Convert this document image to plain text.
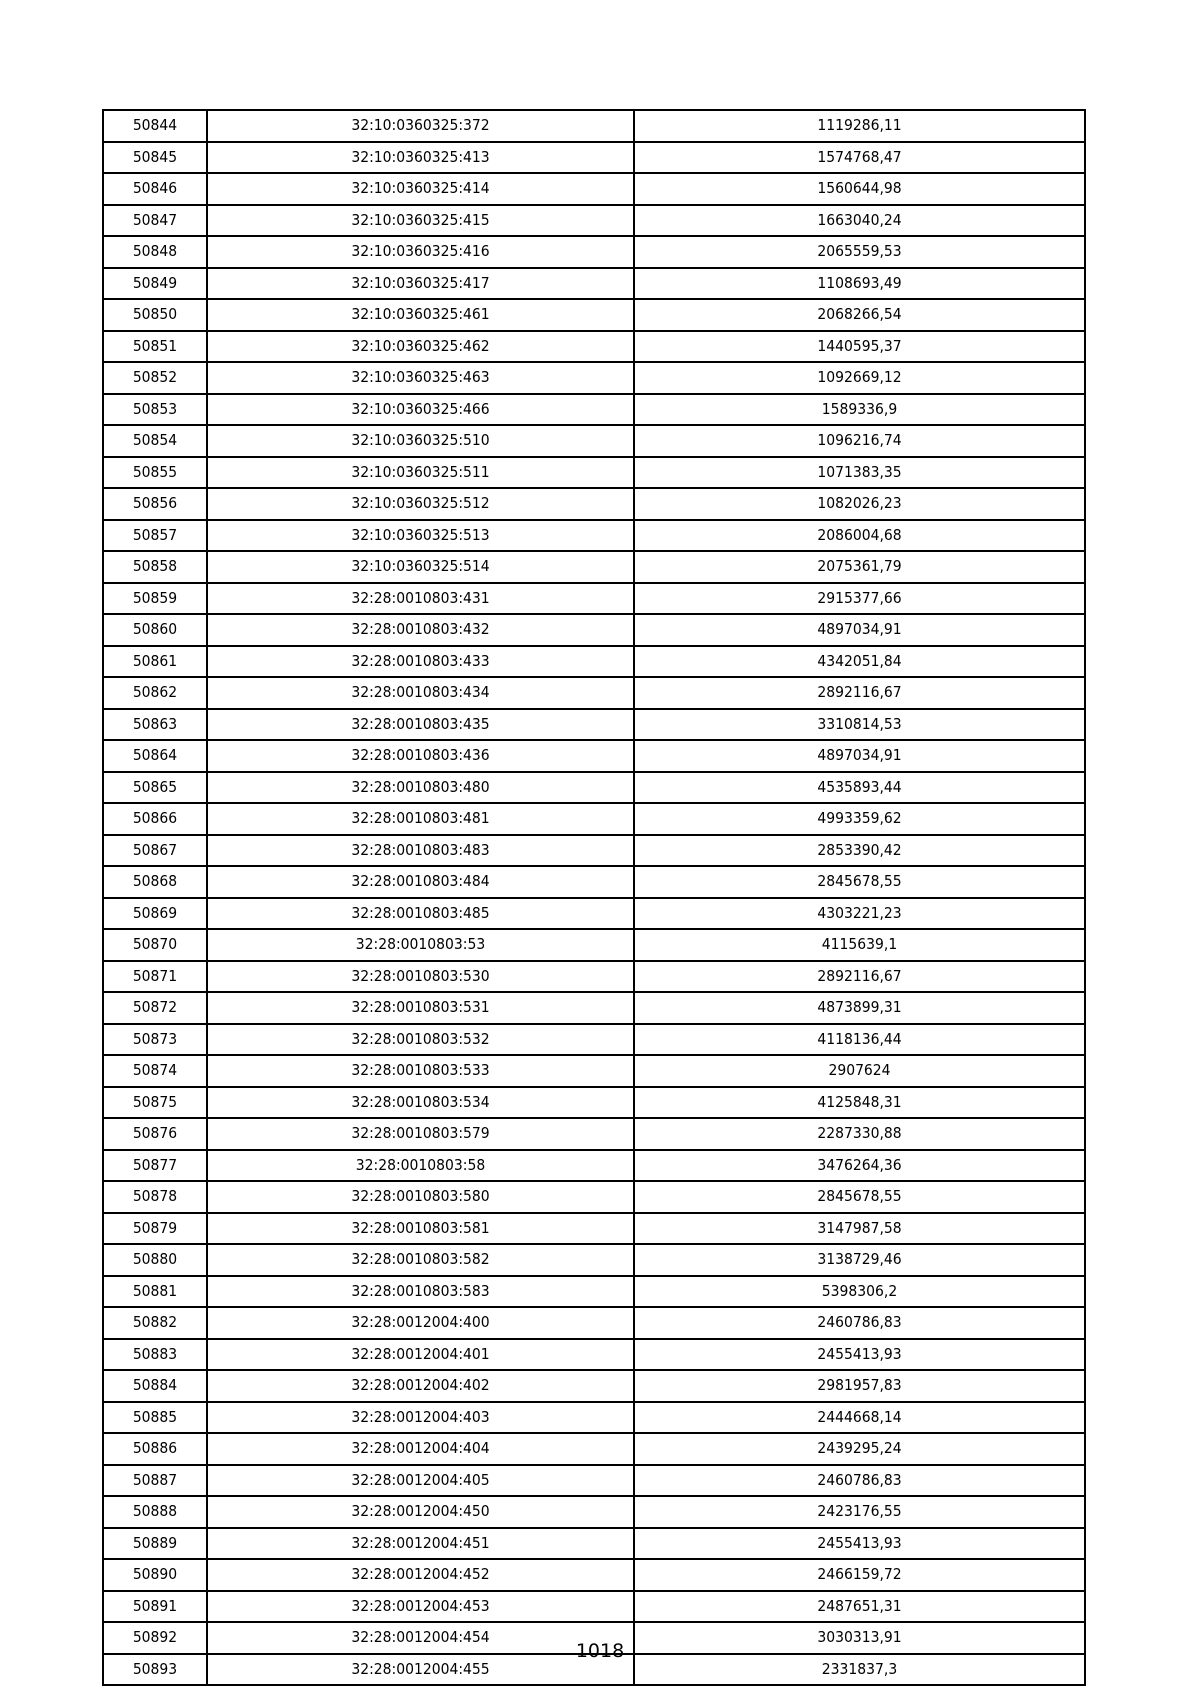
50844	32:10:0360325:372	1119286,11
50845	32:10:0360325:413	1574768,47
50846	32:10:0360325:414	1560644,98
50847	32:10:0360325:415	1663040,24
50848	32:10:0360325:416	2065559,53
50849	32:10:0360325:417	1108693,49
50850	32:10:0360325:461	2068266,54
50851	32:10:0360325:462	1440595,37
50852	32:10:0360325:463	1092669,12
50853	32:10:0360325:466	1589336,9
50854	32:10:0360325:510	1096216,74
50855	32:10:0360325:511	1071383,35
50856	32:10:0360325:512	1082026,23
50857	32:10:0360325:513	2086004,68
50858	32:10:0360325:514	2075361,79
50859	32:28:0010803:431	2915377,66
50860	32:28:0010803:432	4897034,91
50861	32:28:0010803:433	4342051,84
50862	32:28:0010803:434	2892116,67
50863	32:28:0010803:435	3310814,53
50864	32:28:0010803:436	4897034,91
50865	32:28:0010803:480	4535893,44
50866	32:28:0010803:481	4993359,62
50867	32:28:0010803:483	2853390,42
50868	32:28:0010803:484	2845678,55
50869	32:28:0010803:485	4303221,23
50870	32:28:0010803:53	4115639,1
50871	32:28:0010803:530	2892116,67
50872	32:28:0010803:531	4873899,31
50873	32:28:0010803:532	4118136,44
50874	32:28:0010803:533	2907624
50875	32:28:0010803:534	4125848,31
50876	32:28:0010803:579	2287330,88
50877	32:28:0010803:58	3476264,36
50878	32:28:0010803:580	2845678,55
50879	32:28:0010803:581	3147987,58
50880	32:28:0010803:582	3138729,46
50881	32:28:0010803:583	5398306,2
50882	32:28:0012004:400	2460786,83
50883	32:28:0012004:401	2455413,93
50884	32:28:0012004:402	2981957,83
50885	32:28:0012004:403	2444668,14
50886	32:28:0012004:404	2439295,24
50887	32:28:0012004:405	2460786,83
50888	32:28:0012004:450	2423176,55
50889	32:28:0012004:451	2455413,93
50890	32:28:0012004:452	2466159,72
50891	32:28:0012004:453	2487651,31
50892	32:28:0012004:454	3030313,91
50893	32:28:0012004:455	2331837,3
1018
